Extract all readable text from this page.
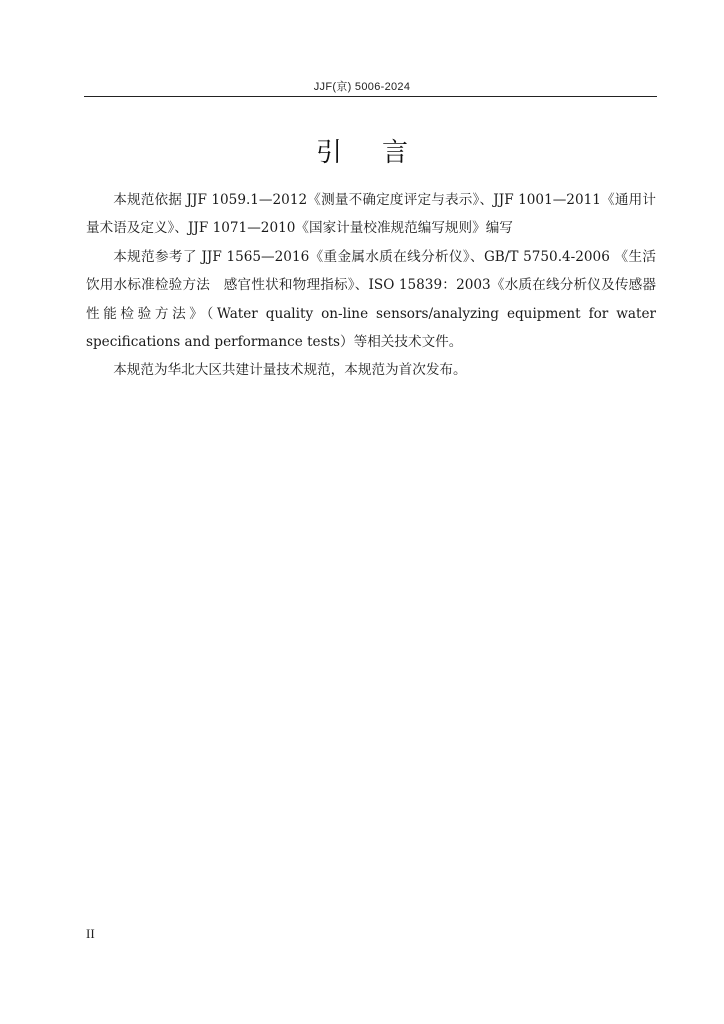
JJF(京) 5006-2024
引言

本规范依据 JJF 1059.1—2012《测量不确定度评定与表示》、JJF 1001—2011《通用计量术语及定义》、JJF 1071—2010《国家计量校准规范编写规则》编写

本规范参考了 JJF 1565—2016《重金属水质在线分析仪》、GB/T 5750.4-2006 《生活饮用水标准检验方法　感官性状和物理指标》、ISO 15839：2003《水质在线分析仪及传感器性能检验方法》（Water quality on-line sensors/analyzing equipment for water specifications and performance tests）等相关技术文件。

本规范为华北大区共建计量技术规范，本规范为首次发布。

II
